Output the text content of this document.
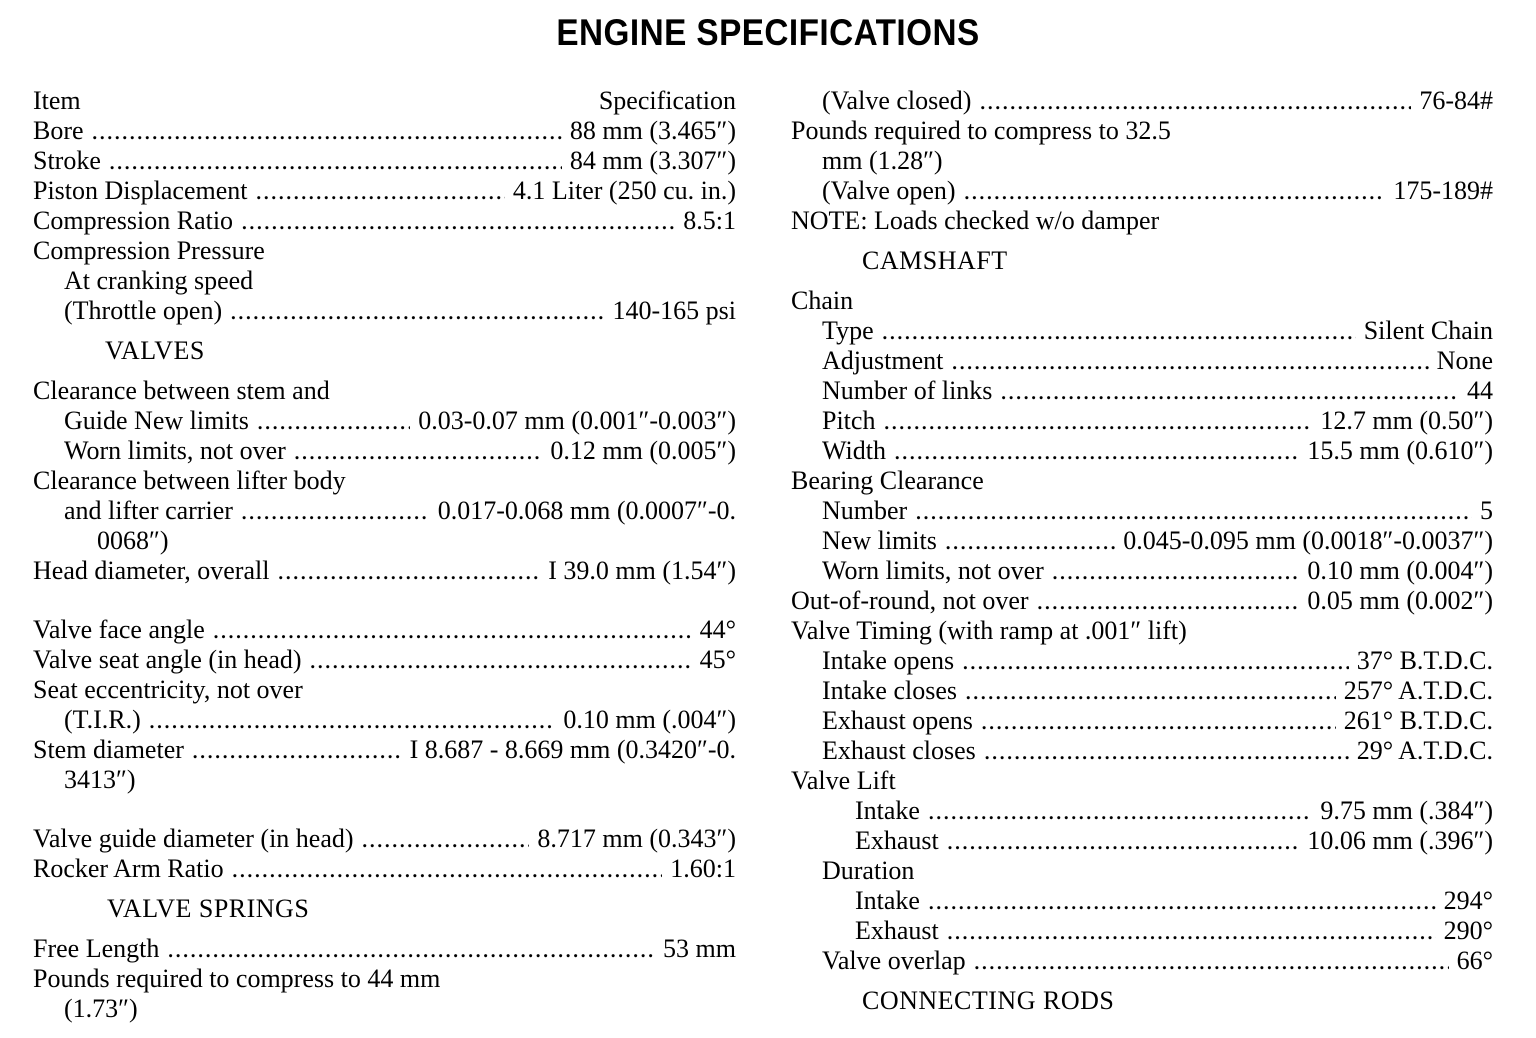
ENGINE SPECIFICATIONS
Item	Specification
Bore .....	88 mm (3.465″)
Stroke .....	84 mm (3.307″)
Piston Displacement .....	4.1 Liter (250 cu. in.)
Compression Ratio .....	8.5:1
Compression Pressure
At cranking speed
(Throttle open) .....	140-165 psi
VALVES
Clearance between stem and
Guide New limits .....	0.03-0.07 mm (0.001″-0.003″)
Worn limits, not over .....	0.12 mm (0.005″)
Clearance between lifter body
and lifter carrier .....	0.017-0.068 mm (0.0007″-0.
0068″)
Head diameter, overall .....	I 39.0 mm (1.54″)
Valve face angle .....	44°
Valve seat angle (in head) .....	45°
Seat eccentricity, not over
(T.I.R.) .....	0.10 mm (.004″)
Stem diameter .....	I 8.687 - 8.669 mm (0.3420″-0.
3413″)
Valve guide diameter (in head) .....	8.717 mm (0.343″)
Rocker Arm Ratio .....	1.60:1
VALVE SPRINGS
Free Length .....	53 mm
Pounds required to compress to 44 mm
(1.73″)
(Valve closed) .....	76-84#
Pounds required to compress to 32.5
mm (1.28″)
(Valve open) .....	175-189#
NOTE: Loads checked w/o damper
CAMSHAFT
Chain
Type .....	Silent Chain
Adjustment .....	None
Number of links .....	44
Pitch .....	12.7 mm (0.50″)
Width .....	15.5 mm (0.610″)
Bearing Clearance
Number .....	5
New limits .....	0.045-0.095 mm (0.0018″-0.0037″)
Worn limits, not over .....	0.10 mm (0.004″)
Out-of-round, not over .....	0.05 mm (0.002″)
Valve Timing (with ramp at .001″ lift)
Intake opens .....	37° B.T.D.C.
Intake closes .....	257° A.T.D.C.
Exhaust opens .....	261° B.T.D.C.
Exhaust closes .....	29° A.T.D.C.
Valve Lift
Intake .....	9.75 mm (.384″)
Exhaust .....	10.06 mm (.396″)
Duration
Intake .....	294°
Exhaust .....	290°
Valve overlap .....	66°
CONNECTING RODS
